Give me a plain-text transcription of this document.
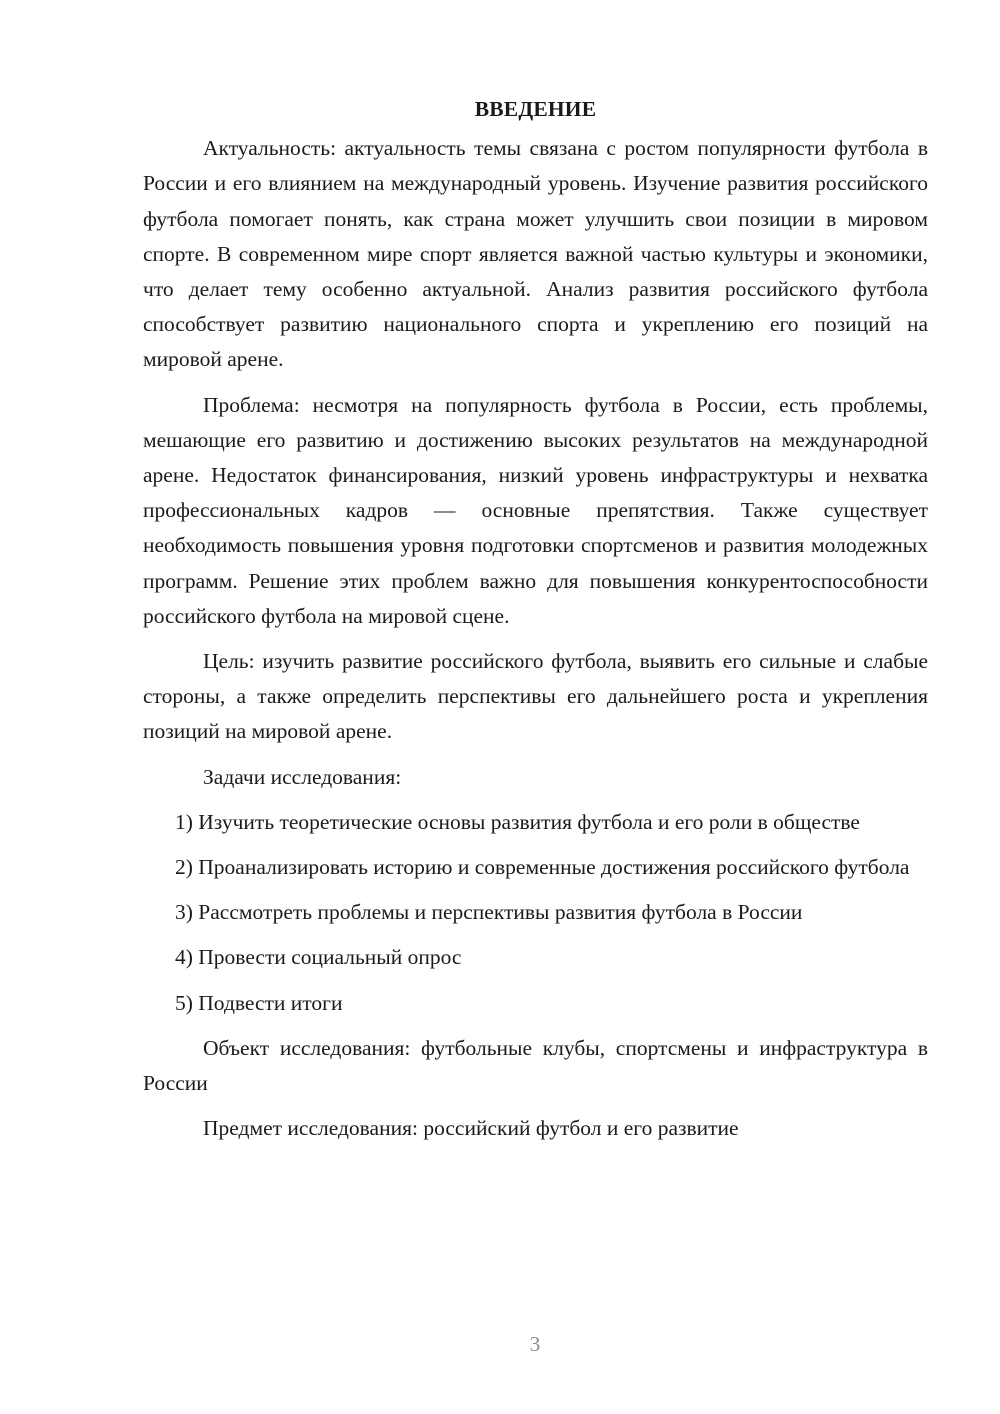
ВВЕДЕНИЕ

Актуальность: актуальность темы связана с ростом популярности футбола в России и его влиянием на международный уровень. Изучение развития российского футбола помогает понять, как страна может улучшить свои позиции в мировом спорте. В современном мире спорт является важной частью культуры и экономики, что делает тему особенно актуальной. Анализ развития российского футбола способствует развитию национального спорта и укреплению его позиций на мировой арене.

Проблема: несмотря на популярность футбола в России, есть проблемы, мешающие его развитию и достижению высоких результатов на международной арене. Недостаток финансирования, низкий уровень инфраструктуры и нехватка профессиональных кадров — основные препятствия. Также существует необходимость повышения уровня подготовки спортсменов и развития молодежных программ. Решение этих проблем важно для повышения конкурентоспособности российского футбола на мировой сцене.

Цель: изучить развитие российского футбола, выявить его сильные и слабые стороны, а также определить перспективы его дальнейшего роста и укрепления позиций на мировой арене.

Задачи исследования:

1) Изучить теоретические основы развития футбола и его роли в обществе

2) Проанализировать историю и современные достижения российского футбола

3) Рассмотреть проблемы и перспективы развития футбола в России

4) Провести социальный опрос

5) Подвести итоги

Объект исследования: футбольные клубы, спортсмены и инфраструктура в России

Предмет исследования: российский футбол и его развитие

3
